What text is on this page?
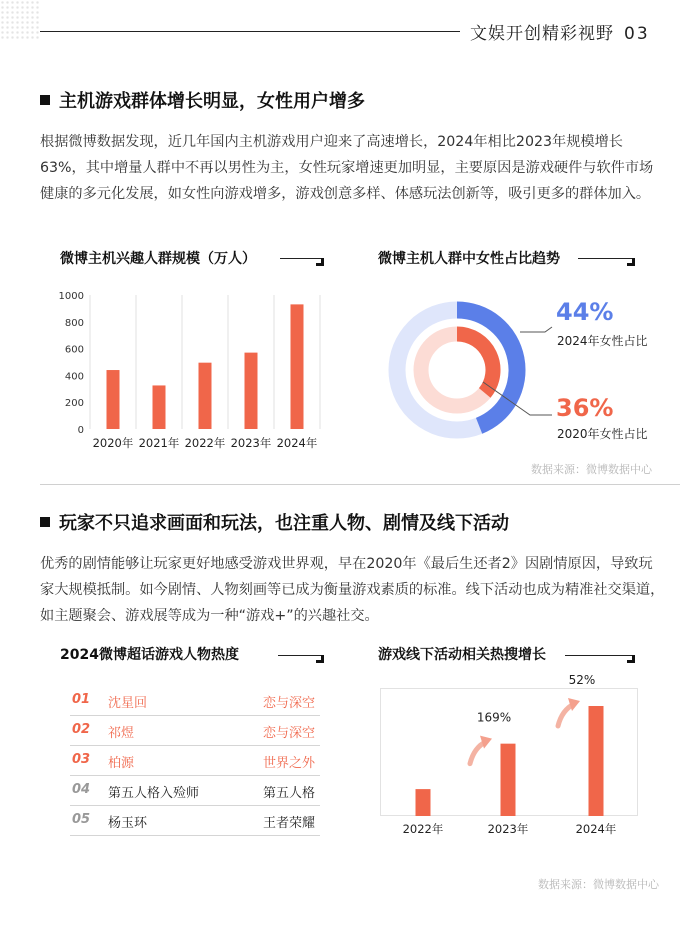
文娱开创精彩视野 03
主机游戏群体增长明显，女性用户增多
根据微博数据发现，近几年国内主机游戏用户迎来了高速增长，2024年相比2023年规模增长63%，其中增量人群中不再以男性为主，女性玩家增速更加明显，主要原因是游戏硬件与软件市场健康的多元化发展，如女性向游戏增多，游戏创意多样、体感玩法创新等，吸引更多的群体加入。
微博主机兴趣人群规模（万人）
0
200
400
600
800
1000
2020年 2021年 2022年 2023年 2024年
微博主机人群中女性占比趋势
44%
2024年女性占比
36%
2020年女性占比
数据来源：微博数据中心
玩家不只追求画面和玩法，也注重人物、剧情及线下活动
优秀的剧情能够让玩家更好地感受游戏世界观，早在2020年《最后生还者2》因剧情原因，导致玩家大规模抵制。如今剧情、人物刻画等已成为衡量游戏素质的标准。线下活动也成为精准社交渠道，如主题聚会、游戏展等成为一种“游戏+”的兴趣社交。
2024微博超话游戏人物热度
01 沈星回	恋与深空
02 祁煜	恋与深空
03 柏源	世界之外
04 第五人格入殓师	第五人格
05 杨玉环	王者荣耀
游戏线下活动相关热搜增长
2022年	2023年
169%
2024年
52%
数据来源：微博数据中心
